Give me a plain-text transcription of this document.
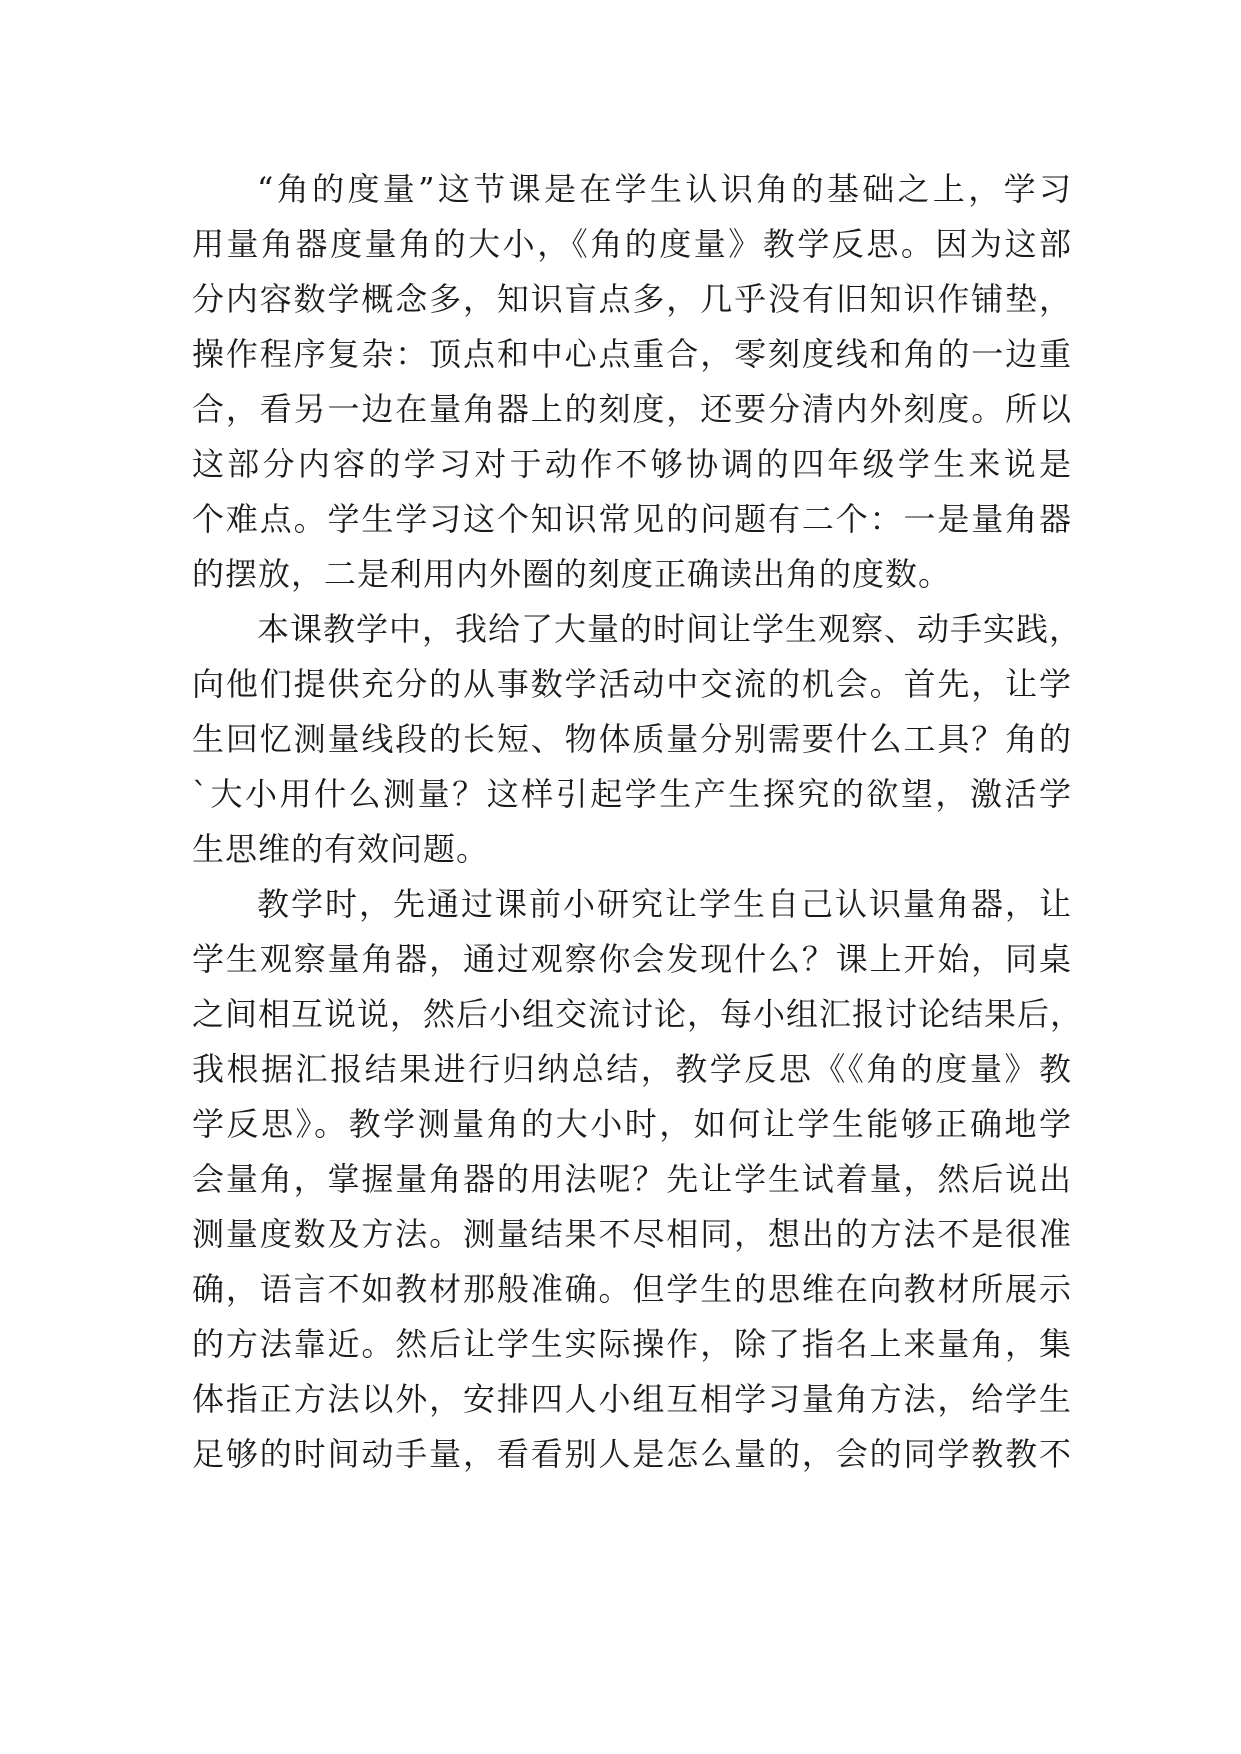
“角的度量”这节课是在学生认识角的基础之上，学习
用量角器度量角的大小，《角的度量》教学反思。因为这部
分内容数学概念多，知识盲点多，几乎没有旧知识作铺垫，
操作程序复杂：顶点和中心点重合，零刻度线和角的一边重
合，看另一边在量角器上的刻度，还要分清内外刻度。所以
这部分内容的学习对于动作不够协调的四年级学生来说是
个难点。学生学习这个知识常见的问题有二个：一是量角器
的摆放，二是利用内外圈的刻度正确读出角的度数。
本课教学中，我给了大量的时间让学生观察、动手实践，
向他们提供充分的从事数学活动中交流的机会。首先，让学
生回忆测量线段的长短、物体质量分别需要什么工具？角的
`大小用什么测量？这样引起学生产生探究的欲望，激活学
生思维的有效问题。
教学时，先通过课前小研究让学生自己认识量角器，让
学生观察量角器，通过观察你会发现什么？课上开始，同桌
之间相互说说，然后小组交流讨论，每小组汇报讨论结果后，
我根据汇报结果进行归纳总结，教学反思《《角的度量》教
学反思》。教学测量角的大小时，如何让学生能够正确地学
会量角，掌握量角器的用法呢？先让学生试着量，然后说出
测量度数及方法。测量结果不尽相同，想出的方法不是很准
确，语言不如教材那般准确。但学生的思维在向教材所展示
的方法靠近。然后让学生实际操作，除了指名上来量角，集
体指正方法以外，安排四人小组互相学习量角方法，给学生
足够的时间动手量，看看别人是怎么量的，会的同学教教不
